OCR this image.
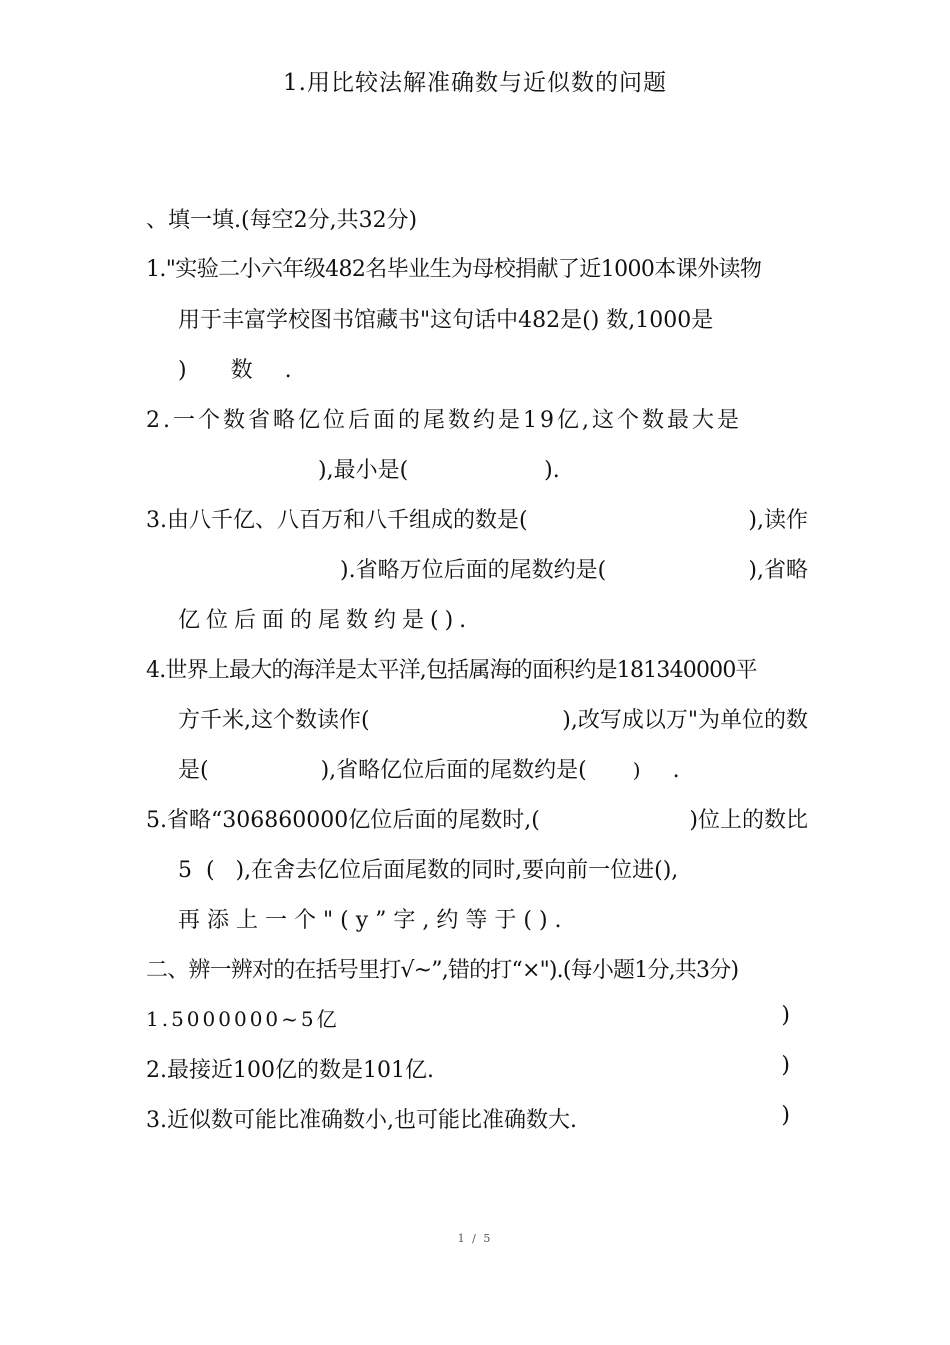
1.用比较法解准确数与近似数的问题
、填一填.(每空2分,共32分)
1."实验二小六年级482名毕业生为母校捐献了近1000本课外读物
用于丰富学校图书馆藏书"这句话中482是() 数,1000是
) 数 .
2.一个数省略亿位后面的尾数约是19亿,这个数最大是
),最小是(	).
3.由八千亿、八百万和八千组成的数是(	),读作
).省略万位后面的尾数约是(	),省略
亿位后面的尾数约是().
4.世界上最大的海洋是太平洋,包括属海的面积约是181340000平
方千米,这个数读作(	),改写成以万"为单位的数
是(	),省略亿位后面的尾数约是( ) .
5.省略“306860000亿位后面的尾数时,(	)位上的数比
5  (   ),在舍去亿位后面尾数的同时,要向前一位进(),
再添上一个"(y”字,约等于().
二、辨一辨对的在括号里打√~”,错的打“×").(每小题1分,共3分)
1.5000000~5亿	)
2.最接近100亿的数是101亿.	)
3.近似数可能比准确数小,也可能比准确数大.	)
1 / 5
